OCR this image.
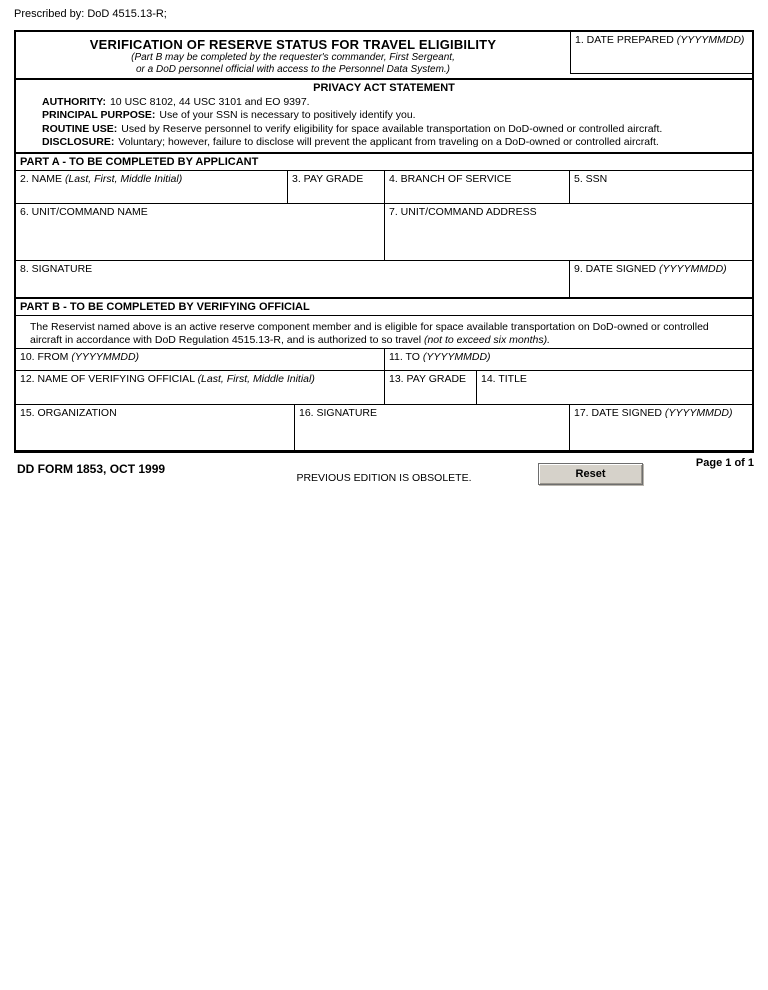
Prescribed by: DoD 4515.13-R;
VERIFICATION OF RESERVE STATUS FOR TRAVEL ELIGIBILITY
(Part B may be completed by the requester's commander, First Sergeant,
or a DoD personnel official with access to the Personnel Data System.)
1. DATE PREPARED (YYYYMMDD)
PRIVACY ACT STATEMENT
AUTHORITY: 10 USC 8102, 44 USC 3101 and EO 9397.
PRINCIPAL PURPOSE: Use of your SSN is necessary to positively identify you.
ROUTINE USE: Used by Reserve personnel to verify eligibility for space available transportation on DoD-owned or controlled aircraft.
DISCLOSURE: Voluntary; however, failure to disclose will prevent the applicant from traveling on a DoD-owned or controlled aircraft.
PART A - TO BE COMPLETED BY APPLICANT
2. NAME (Last, First, Middle Initial)	3. PAY GRADE	4. BRANCH OF SERVICE	5. SSN
6. UNIT/COMMAND NAME	7. UNIT/COMMAND ADDRESS
8. SIGNATURE	9. DATE SIGNED (YYYYMMDD)
PART B - TO BE COMPLETED BY VERIFYING OFFICIAL
The Reservist named above is an active reserve component member and is eligible for space available transportation on DoD-owned or controlled aircraft in accordance with DoD Regulation 4515.13-R, and is authorized to so travel (not to exceed six months).
10. FROM (YYYYMMDD)	11. TO (YYYYMMDD)
12. NAME OF VERIFYING OFFICIAL (Last, First, Middle Initial)	13. PAY GRADE	14. TITLE
15. ORGANIZATION	16. SIGNATURE	17. DATE SIGNED (YYYYMMDD)
DD FORM 1853, OCT 1999
PREVIOUS EDITION IS OBSOLETE.	Reset
Page 1 of 1
